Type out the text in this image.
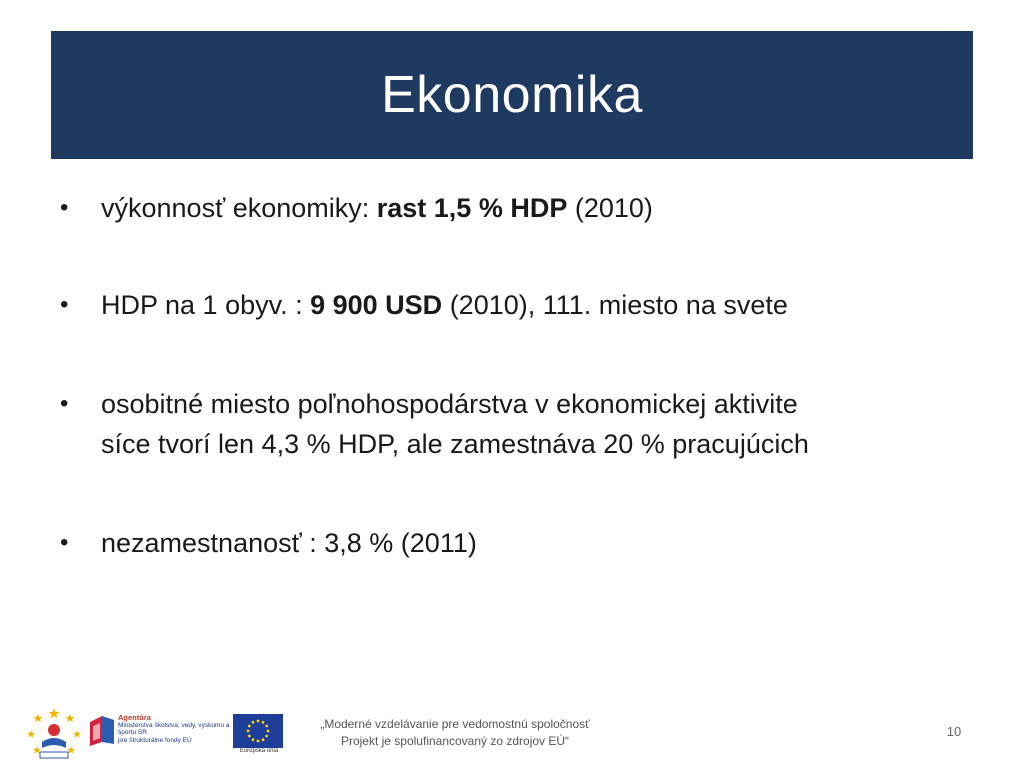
Ekonomika
• výkonnosť ekonomiky: rast 1,5 % HDP (2010)
• HDP na 1 obyv. : 9 900 USD (2010), 111. miesto na svete
• osobitné miesto poľnohospodárstva v ekonomickej aktivite
síce tvorí len 4,3 % HDP, ale zamestnáva 20 % pracujúcich
• nezamestnanosť : 3,8 % (2011)
Agentúra
Ministerstva školstva, vedy, výskumu a športu SR
pre štrukturálne fondy EÚ
Európska únia
„Moderné vzdelávanie pre vedomostnú spoločnosť
Projekt je spolufinancovaný zo zdrojov EÚ“
10
